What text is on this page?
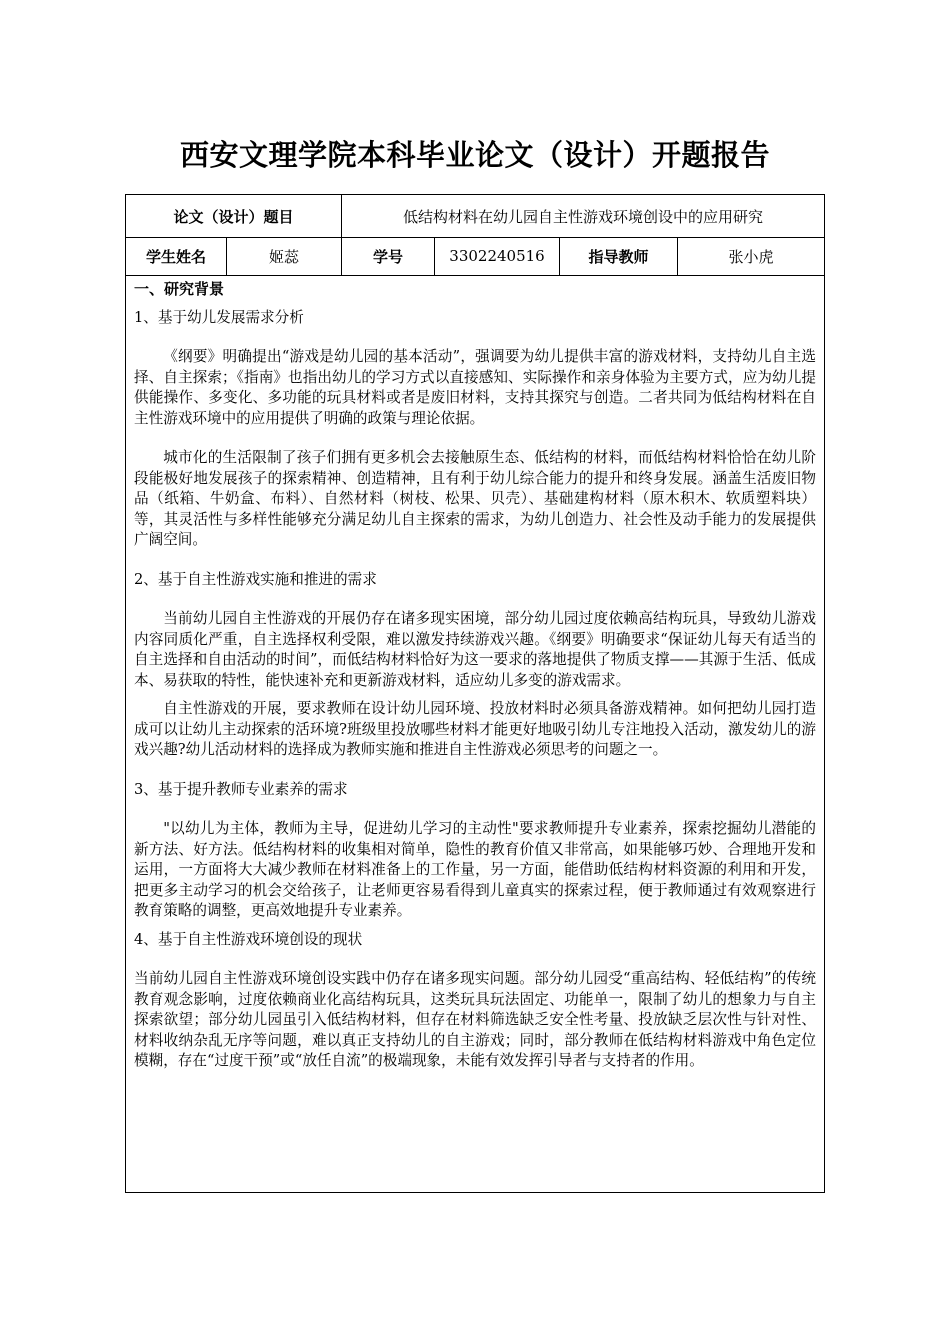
西安文理学院本科毕业论文（设计）开题报告
论文（设计）题目	低结构材料在幼儿园自主性游戏环境创设中的应用研究
学生姓名	姬蕊	学号	3302240516	指导教师	张小虎

一、研究背景

1、基于幼儿发展需求分析

《纲要》明确提出“游戏是幼儿园的基本活动”，强调要为幼儿提供丰富的游戏材料，支持幼儿自主选择、自主探索；《指南》也指出幼儿的学习方式以直接感知、实际操作和亲身体验为主要方式，应为幼儿提供能操作、多变化、多功能的玩具材料或者是废旧材料，支持其探究与创造。二者共同为低结构材料在自主性游戏环境中的应用提供了明确的政策与理论依据。

城市化的生活限制了孩子们拥有更多机会去接触原生态、低结构的材料，而低结构材料恰恰在幼儿阶段能极好地发展孩子的探索精神、创造精神，且有利于幼儿综合能力的提升和终身发展。涵盖生活废旧物品（纸箱、牛奶盒、布料）、自然材料（树枝、松果、贝壳）、基础建构材料（原木积木、软质塑料块）等，其灵活性与多样性能够充分满足幼儿自主探索的需求，为幼儿创造力、社会性及动手能力的发展提供广阔空间。

2、基于自主性游戏实施和推进的需求

当前幼儿园自主性游戏的开展仍存在诸多现实困境，部分幼儿园过度依赖高结构玩具，导致幼儿游戏内容同质化严重，自主选择权利受限，难以激发持续游戏兴趣。《纲要》明确要求“保证幼儿每天有适当的自主选择和自由活动的时间”，而低结构材料恰好为这一要求的落地提供了物质支撑——其源于生活、低成本、易获取的特性，能快速补充和更新游戏材料，适应幼儿多变的游戏需求。

自主性游戏的开展，要求教师在设计幼儿园环境、投放材料时必须具备游戏精神。如何把幼儿园打造成可以让幼儿主动探索的活环境?班级里投放哪些材料才能更好地吸引幼儿专注地投入活动，激发幼儿的游戏兴趣?幼儿活动材料的选择成为教师实施和推进自主性游戏必须思考的问题之一。

3、基于提升教师专业素养的需求

"以幼儿为主体，教师为主导，促进幼儿学习的主动性"要求教师提升专业素养，探索挖掘幼儿潜能的新方法、好方法。低结构材料的收集相对简单，隐性的教育价值又非常高，如果能够巧妙、合理地开发和运用，一方面将大大减少教师在材料准备上的工作量，另一方面，能借助低结构材料资源的利用和开发，把更多主动学习的机会交给孩子，让老师更容易看得到儿童真实的探索过程，便于教师通过有效观察进行教育策略的调整，更高效地提升专业素养。

4、基于自主性游戏环境创设的现状

当前幼儿园自主性游戏环境创设实践中仍存在诸多现实问题。部分幼儿园受“重高结构、轻低结构”的传统教育观念影响，过度依赖商业化高结构玩具，这类玩具玩法固定、功能单一，限制了幼儿的想象力与自主探索欲望；部分幼儿园虽引入低结构材料，但存在材料筛选缺乏安全性考量、投放缺乏层次性与针对性、材料收纳杂乱无序等问题，难以真正支持幼儿的自主游戏；同时，部分教师在低结构材料游戏中角色定位模糊，存在“过度干预”或“放任自流”的极端现象，未能有效发挥引导者与支持者的作用。
